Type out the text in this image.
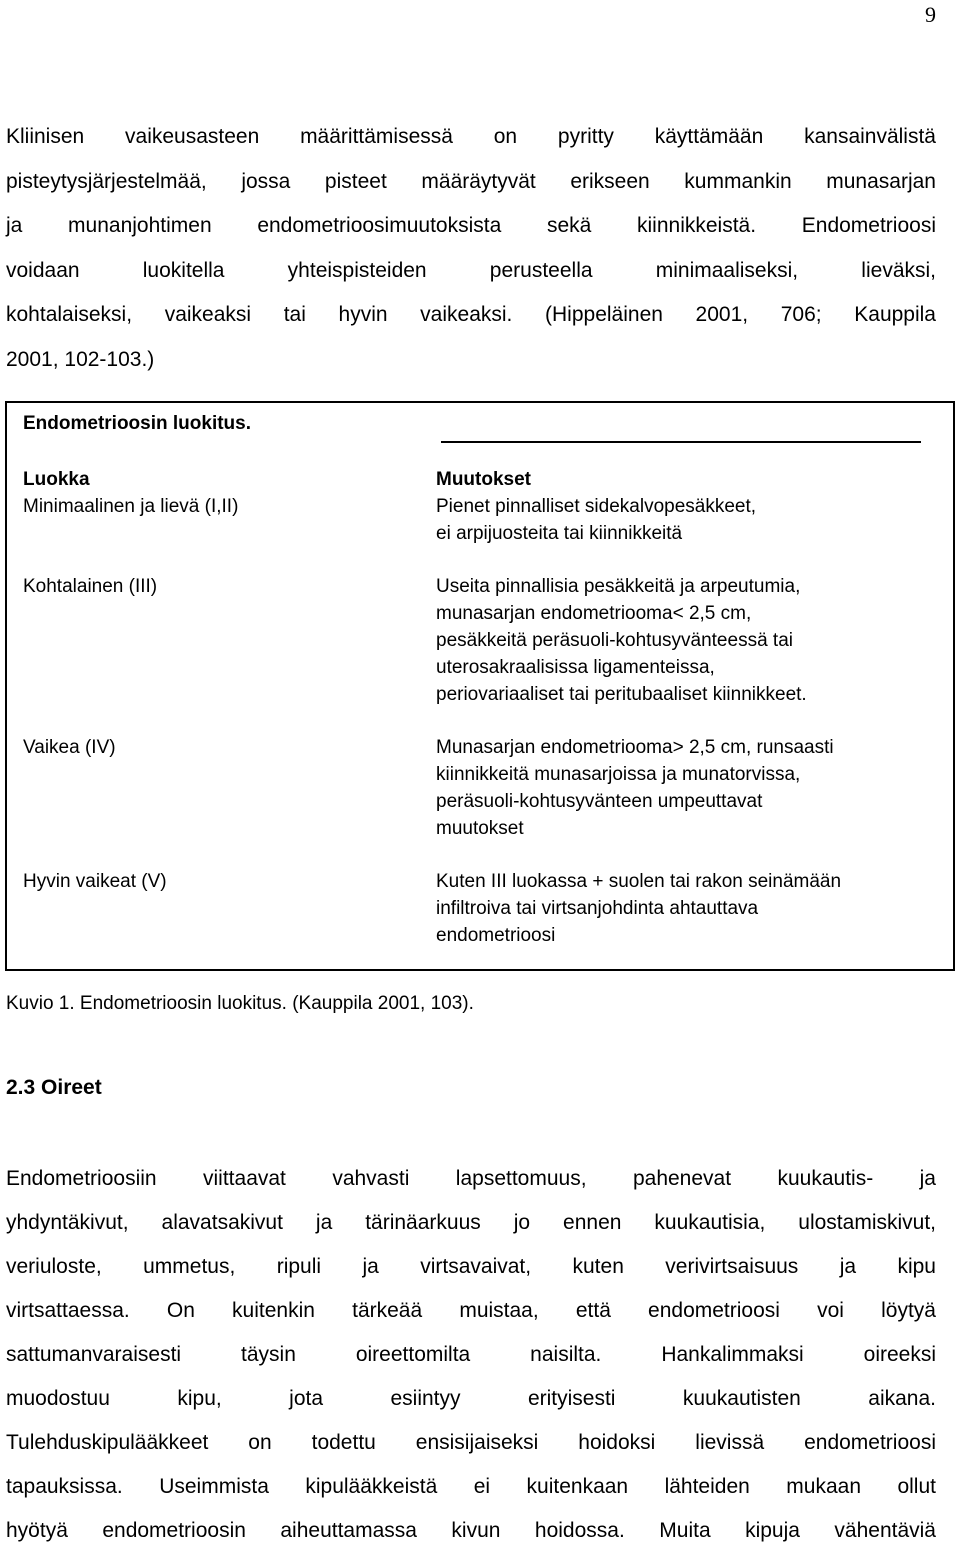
9
Kliinisen vaikeusasteen määrittämisessä on pyritty käyttämään kansainvälistä
pisteytysjärjestelmää, jossa pisteet määräytyvät erikseen kummankin munasarjan
ja munanjohtimen endometrioosimuutoksista sekä kiinnikkeistä. Endometrioosi
voidaan luokitella yhteispisteiden perusteella minimaaliseksi, lieväksi,
kohtalaiseksi, vaikeaksi tai hyvin vaikeaksi. (Hippeläinen 2001, 706; Kauppila
2001, 102-103.)
Endometrioosin luokitus.
Luokka	Muutokset
Minimaalinen ja lievä (I,II)	Pienet pinnalliset sidekalvopesäkkeet,
ei arpijuosteita tai kiinnikkeitä
Kohtalainen (III)	Useita pinnallisia pesäkkeitä ja arpeutumia,
munasarjan endometriooma< 2,5 cm,
pesäkkeitä peräsuoli-kohtusyvänteessä tai
uterosakraalisissa ligamenteissa,
periovariaaliset tai peritubaaliset kiinnikkeet.
Vaikea (IV)	Munasarjan endometriooma> 2,5 cm, runsaasti
kiinnikkeitä munasarjoissa ja munatorvissa,
peräsuoli-kohtusyvänteen umpeuttavat
muutokset
Hyvin vaikeat (V)	Kuten III luokassa + suolen tai rakon seinämään
infiltroiva tai virtsanjohdinta ahtauttava
endometrioosi
Kuvio 1. Endometrioosin luokitus. (Kauppila 2001, 103).
2.3 Oireet
Endometrioosiin viittaavat vahvasti lapsettomuus, pahenevat kuukautis- ja
yhdyntäkivut, alavatsakivut ja tärinäarkuus jo ennen kuukautisia, ulostamiskivut,
veriuloste, ummetus, ripuli ja virtsavaivat, kuten verivirtsaisuus ja kipu
virtsattaessa. On kuitenkin tärkeää muistaa, että endometrioosi voi löytyä
sattumanvaraisesti täysin oireettomilta naisilta. Hankalimmaksi oireeksi
muodostuu kipu, jota esiintyy erityisesti kuukautisten aikana.
Tulehduskipulääkkeet on todettu ensisijaiseksi hoidoksi lievissä endometrioosi
tapauksissa. Useimmista kipulääkkeistä ei kuitenkaan lähteiden mukaan ollut
hyötyä endometrioosin aiheuttamassa kivun hoidossa. Muita kipuja vähentäviä
